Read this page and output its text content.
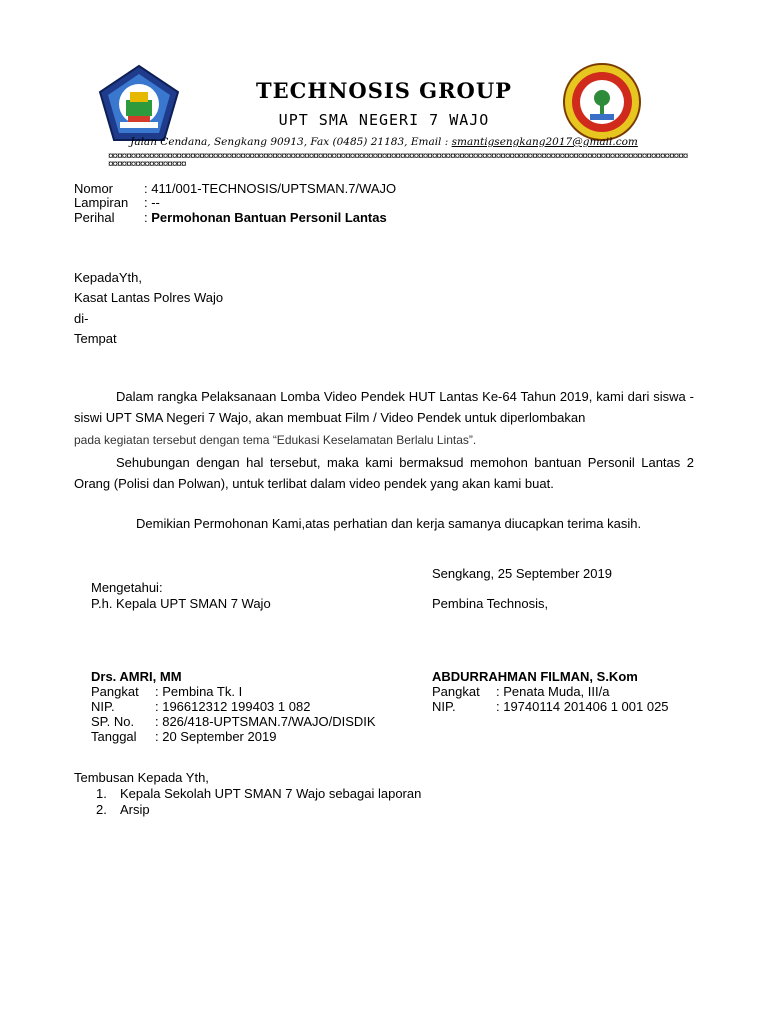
TECHNOSIS GROUP
UPT SMA NEGERI 7 WAJO
Jalan Cendana, Sengkang 90913, Fax (0485) 21183, Email : smantigsengkang2017@gmail.com
¤¤¤¤¤¤¤¤¤¤¤¤¤¤¤¤¤¤¤¤¤¤¤¤¤¤¤¤¤¤¤¤¤¤¤¤¤¤¤¤¤¤¤¤¤¤¤¤¤¤¤¤¤¤¤¤¤¤¤¤¤¤¤¤¤¤¤¤¤¤¤¤¤¤¤¤¤¤¤¤¤¤¤¤¤¤¤¤¤¤¤¤¤¤¤¤¤¤¤¤¤¤¤¤¤¤¤¤¤¤¤¤¤¤¤¤¤¤¤¤¤¤¤¤¤¤¤¤¤¤¤¤¤¤¤¤¤¤¤¤¤¤¤¤
Nomor : 411/001-TECHNOSIS/UPTSMAN.7/WAJO
Lampiran : --
Perihal : Permohonan Bantuan Personil Lantas
KepadaYth,
Kasat Lantas Polres Wajo
di-
Tempat
Dalam rangka Pelaksanaan Lomba Video Pendek HUT Lantas Ke-64 Tahun 2019, kami dari siswa - siswi UPT SMA Negeri 7 Wajo, akan membuat Film / Video Pendek untuk diperlombakan
pada kegiatan tersebut dengan tema “Edukasi Keselamatan Berlalu Lintas”.
Sehubungan dengan hal tersebut, maka kami bermaksud memohon bantuan Personil Lantas 2 Orang (Polisi dan Polwan), untuk terlibat dalam video pendek yang akan kami buat.
Demikian Permohonan Kami,atas perhatian dan kerja samanya diucapkan terima kasih.
Sengkang, 25 September 2019
Mengetahui:
P.h. Kepala UPT SMAN 7 Wajo	Pembina Technosis,
Drs. AMRI, MM
Pangkat : Pembina Tk. I
NIP.	: 196612312 199403 1 082
SP. No. : 826/418-UPTSMAN.7/WAJO/DISDIK
Tanggal : 20 September 2019
ABDURRAHMAN FILMAN, S.Kom
Pangkat : Penata Muda, III/a
NIP.	: 19740114 201406 1 001 025
Tembusan Kepada Yth,
1. Kepala Sekolah UPT SMAN 7 Wajo sebagai laporan
2. Arsip
